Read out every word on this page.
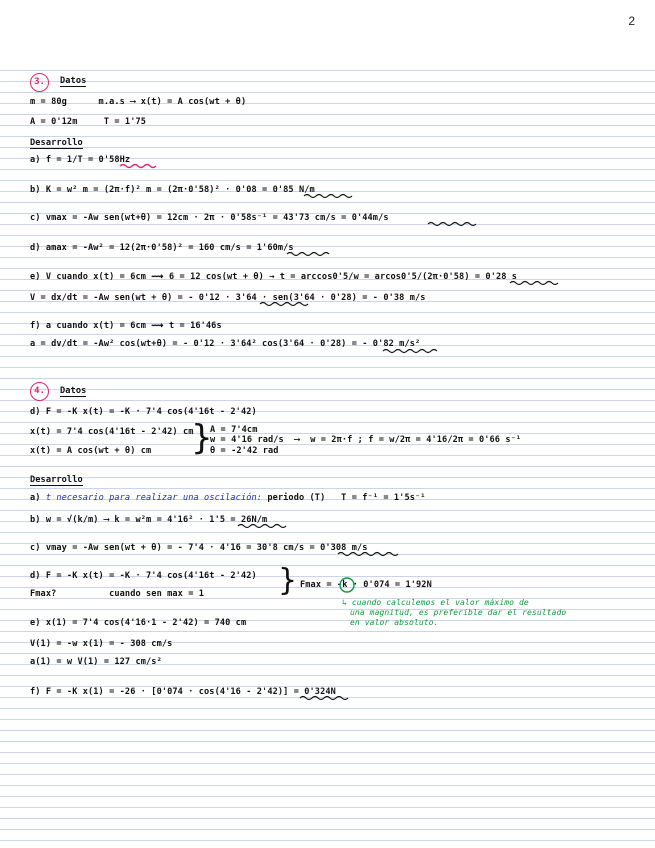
2
3.	Datos
m = 80g      m.a.s ⟶ x(t) = A cos(wt + θ)
A = 0'12m     T = 1'75
Desarrollo
a) f = 1/T = 0'58Hz
b) K = w² m = (2π·f)² m = (2π·0'58)² · 0'08 = 0'85 N/m
c) vmax = -Aw sen(wt+θ) = 12cm · 2π · 0'58s⁻¹ = 43'73 cm/s = 0'44m/s
d) amax = -Aw² = 12(2π·0'58)² = 160 cm/s = 1'60m/s
e) V cuando x(t) = 6cm ⟿ 6 = 12 cos(wt + θ) → t = arccos0'5/w = arcos0'5/(2π·0'58) = 0'28 s
V = dx/dt = -Aw sen(wt + θ) = - 0'12 · 3'64 · sen(3'64 · 0'28) = - 0'38 m/s
f) a cuando x(t) = 6cm ⟿ t = 16'46s
a = dv/dt = -Aw² cos(wt+θ) = - 0'12 · 3'64² cos(3'64 · 0'28) = - 0'82 m/s²
4.	Datos
d) F = -K x(t) = -K · 7'4 cos(4'16t - 2'42)
x(t) = 7'4 cos(4'16t - 2'42) cm
x(t) = A cos(wt + θ) cm }
A = 7'4cm
w = 4'16 rad/s  ⟶  w = 2π·f ; f = w/2π = 4'16/2π = 0'66 s⁻¹
θ = -2'42 rad
Desarrollo
a) t necesario para realizar una oscilación: periodo (T)   T = f⁻¹ = 1'5s⁻¹
b) w = √(k/m) ⟶ k = w²m = 4'16² · 1'5 = 26N/m
c) vmay = -Aw sen(wt + θ) = - 7'4 · 4'16 = 30'8 cm/s = 0'308 m/s
d) F = -K x(t) = -K · 7'4 cos(4'16t - 2'42)
Fmax?          cuando sen max = 1 } Fmax = -k · 0'074 = 1'92N
↳ cuando calculemos el valor máximo de
una magnitud, es preferible dar el resultado
en valor absoluto.
e) x(1) = 7'4 cos(4'16·1 - 2'42) = 740 cm
V(1) = -w x(1) = - 308 cm/s
a(1) = w V(1) = 127 cm/s²
f) F = -K x(1) = -26 · [0'074 · cos(4'16 - 2'42)] = 0'324N
